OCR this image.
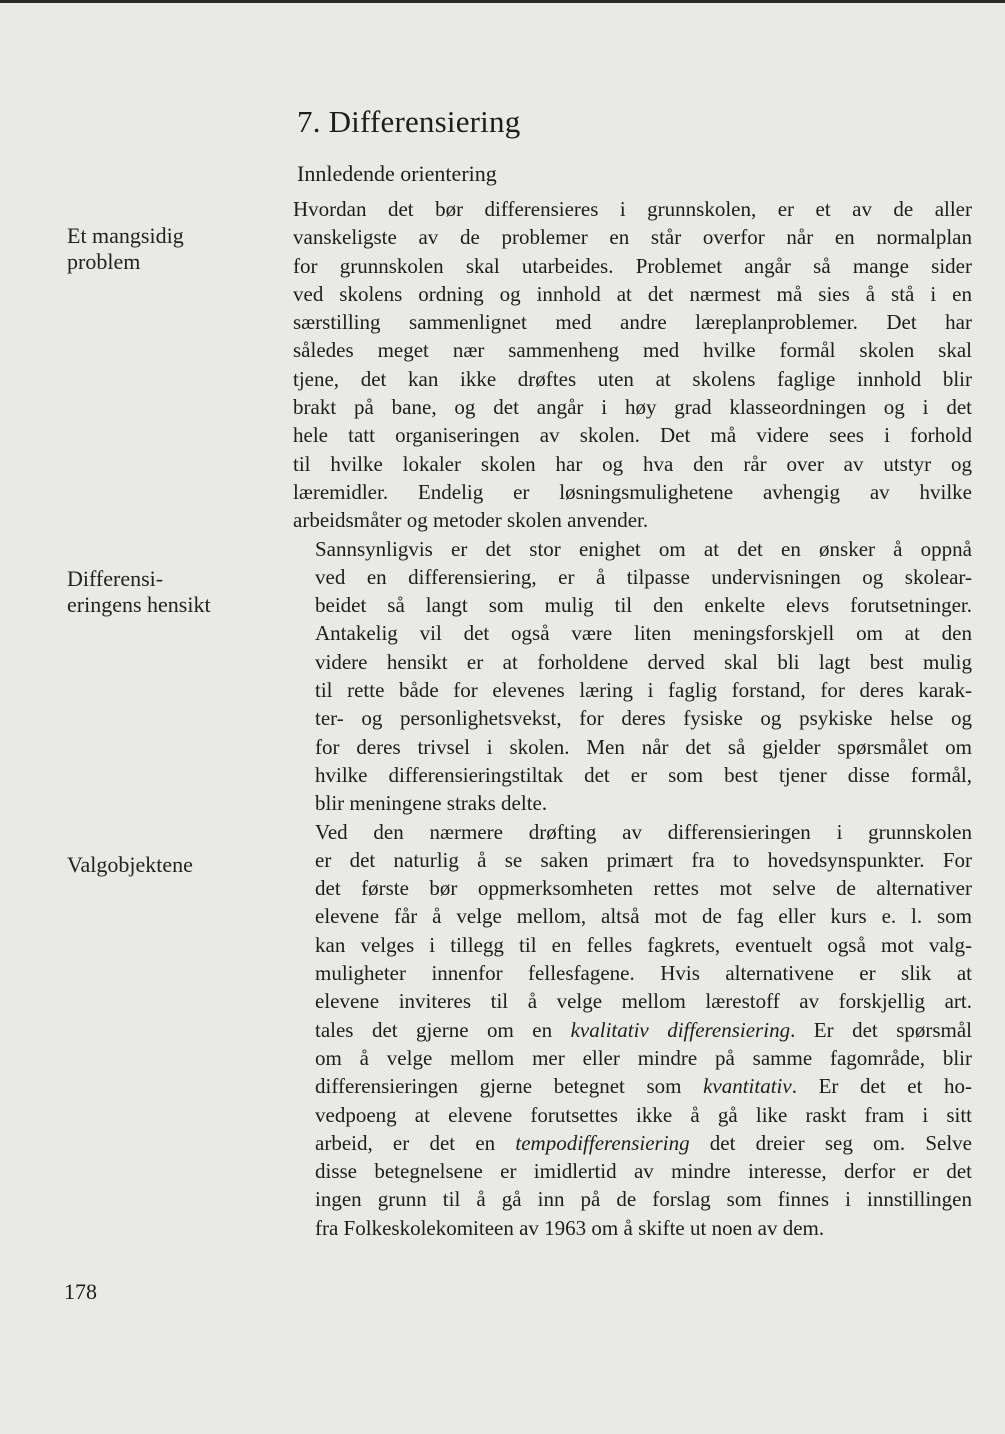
Et mangsidig
problem
Differensi-
eringens hensikt
Valgobjektene
7. Differensiering
Innledende orientering

Hvordan det bør differensieres i grunnskolen, er et av de aller
vanskeligste av de problemer en står overfor når en normalplan
for grunnskolen skal utarbeides. Problemet angår så mange sider
ved skolens ordning og innhold at det nærmest må sies å stå i en
særstilling sammenlignet med andre læreplanproblemer. Det har
således meget nær sammenheng med hvilke formål skolen skal
tjene, det kan ikke drøftes uten at skolens faglige innhold blir
brakt på bane, og det angår i høy grad klasseordningen og i det
hele tatt organiseringen av skolen. Det må videre sees i forhold
til hvilke lokaler skolen har og hva den rår over av utstyr og
læremidler. Endelig er løsningsmulighetene avhengig av hvilke
arbeidsmåter og metoder skolen anvender.

Sannsynligvis er det stor enighet om at det en ønsker å oppnå
ved en differensiering, er å tilpasse undervisningen og skolear-
beidet så langt som mulig til den enkelte elevs forutsetninger.
Antakelig vil det også være liten meningsforskjell om at den
videre hensikt er at forholdene derved skal bli lagt best mulig
til rette både for elevenes læring i faglig forstand, for deres karak-
ter- og personlighetsvekst, for deres fysiske og psykiske helse og
for deres trivsel i skolen. Men når det så gjelder spørsmålet om
hvilke differensieringstiltak det er som best tjener disse formål,
blir meningene straks delte.

Ved den nærmere drøfting av differensieringen i grunnskolen
er det naturlig å se saken primært fra to hovedsynspunkter. For
det første bør oppmerksomheten rettes mot selve de alternativer
elevene får å velge mellom, altså mot de fag eller kurs e. l. som
kan velges i tillegg til en felles fagkrets, eventuelt også mot valg-
muligheter innenfor fellesfagene. Hvis alternativene er slik at
elevene inviteres til å velge mellom lærestoff av forskjellig art.
tales det gjerne om en kvalitativ differensiering. Er det spørsmål
om å velge mellom mer eller mindre på samme fagområde, blir
differensieringen gjerne betegnet som kvantitativ. Er det et ho-
vedpoeng at elevene forutsettes ikke å gå like raskt fram i sitt
arbeid, er det en tempodifferensiering det dreier seg om. Selve
disse betegnelsene er imidlertid av mindre interesse, derfor er det
ingen grunn til å gå inn på de forslag som finnes i innstillingen
fra Folkeskolekomiteen av 1963 om å skifte ut noen av dem.

178
